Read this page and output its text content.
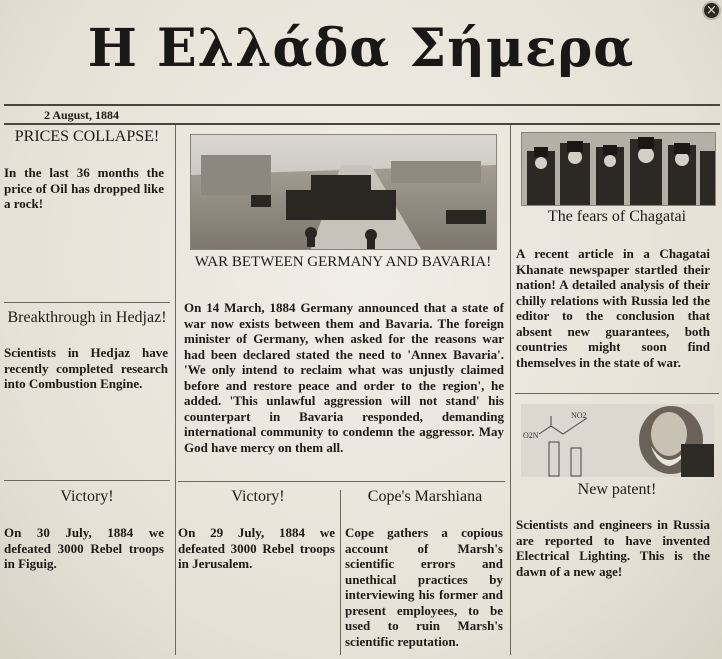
Η Ελλάδα Σήμερα
×
2 August, 1884
PRICES COLLAPSE!
In the last 36 months the price of Oil has dropped like a rock!
Breakthrough in Hedjaz!
Scientists in Hedjaz have recently completed research into Combustion Engine.
Victory!
On 30 July, 1884 we defeated 3000 Rebel troops in Figuig.
WAR BETWEEN GERMANY AND BAVARIA!
On 14 March, 1884 Germany announced that a state of war now exists between them and Bavaria. The foreign minister of Germany, when asked for the reasons war had been declared stated the need to 'Annex Bavaria'. 'We only intend to reclaim what was unjustly claimed before and restore peace and order to the region', he added. 'This unlawful aggression will not stand' his counterpart in Bavaria responded, demanding international community to condemn the aggressor. May God have mercy on them all.
Victory!
On 29 July, 1884 we defeated 3000 Rebel troops in Jerusalem.
Cope's Marshiana
Cope gathers a copious account of Marsh's scientific errors and unethical practices by interviewing his former and present employees, to be used to ruin Marsh's scientific reputation.
The fears of Chagatai
A recent article in a Chagatai Khanate newspaper startled their nation! A detailed analysis of their chilly relations with Russia led the editor to the conclusion that absent new guarantees, both countries might soon find themselves in the state of war.
NO2
O2N
New patent!
Scientists and engineers in Russia are reported to have invented Electrical Lighting. This is the dawn of a new age!
